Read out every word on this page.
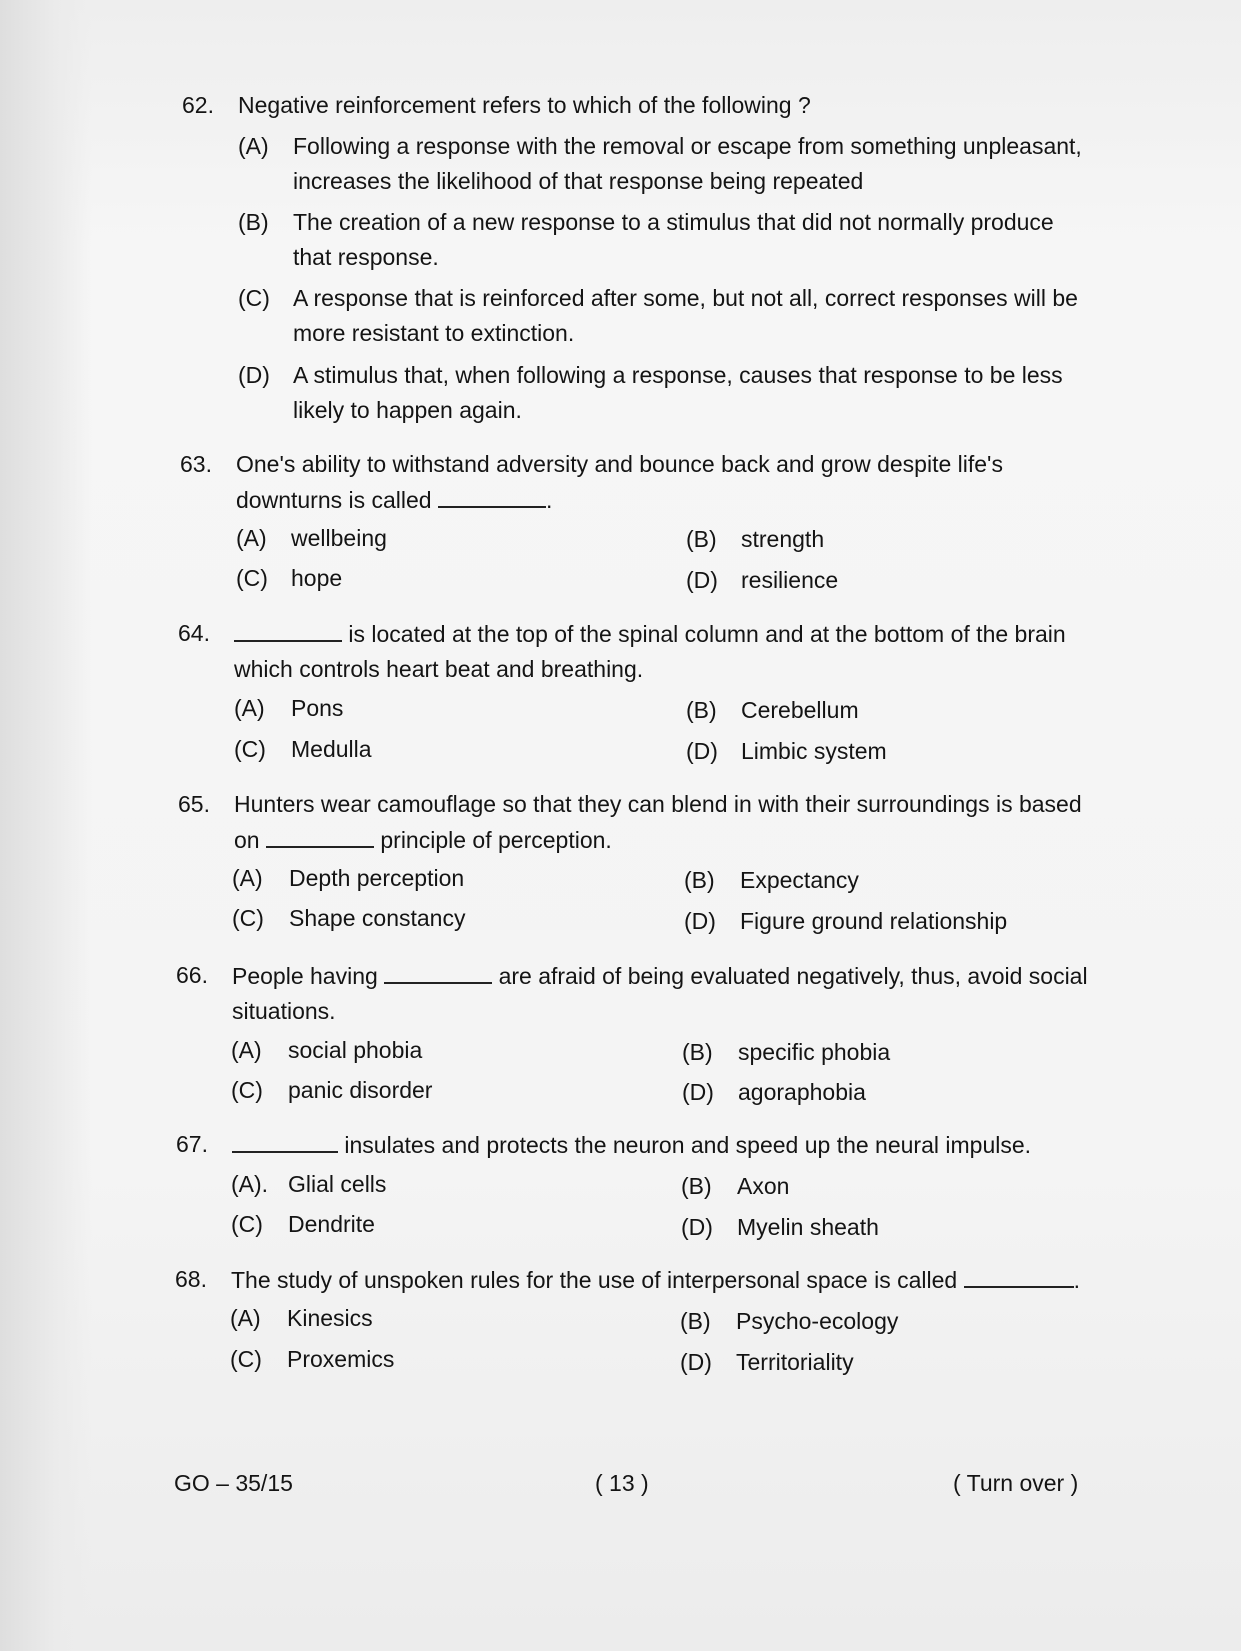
62.	Negative reinforcement refers to which of the following ?

(A) Following a response with the removal or escape from something unpleasant, increases the likelihood of that response being repeated
(B) The creation of a new response to a stimulus that did not normally produce that response.
(C) A response that is reinforced after some, but not all, correct responses will be more resistant to extinction.
(D) A stimulus that, when following a response, causes that response to be less likely to happen again.
63.	One's ability to withstand adversity and bounce back and grow despite life's downturns is called	.

(A) wellbeing	(B) strength
(C) hope	(D) resilience
64.	is located at the top of the spinal column and at the bottom of the brain which controls heart beat and breathing.

(A) Pons	(B) Cerebellum
(C) Medulla	(D) Limbic system
65.	Hunters wear camouflage so that they can blend in with their surroundings is based
on	principle of perception.

(A) Depth perception	(B) Expectancy
(C) Shape constancy	(D) Figure ground relationship
66.	People having	are afraid of being evaluated negatively, thus, avoid social situations.

(A) social phobia	(B) specific phobia
(C) panic disorder	(D) agoraphobia
67.	insulates and protects the neuron and speed up the neural impulse.

(A). Glial cells	(B) Axon
(C) Dendrite	(D) Myelin sheath
68.	The study of unspoken rules for the use of interpersonal space is called	.

(A) Kinesics	(B) Psycho-ecology
(C) Proxemics	(D) Territoriality
GO – 35/15	( 13 )	( Turn over )
